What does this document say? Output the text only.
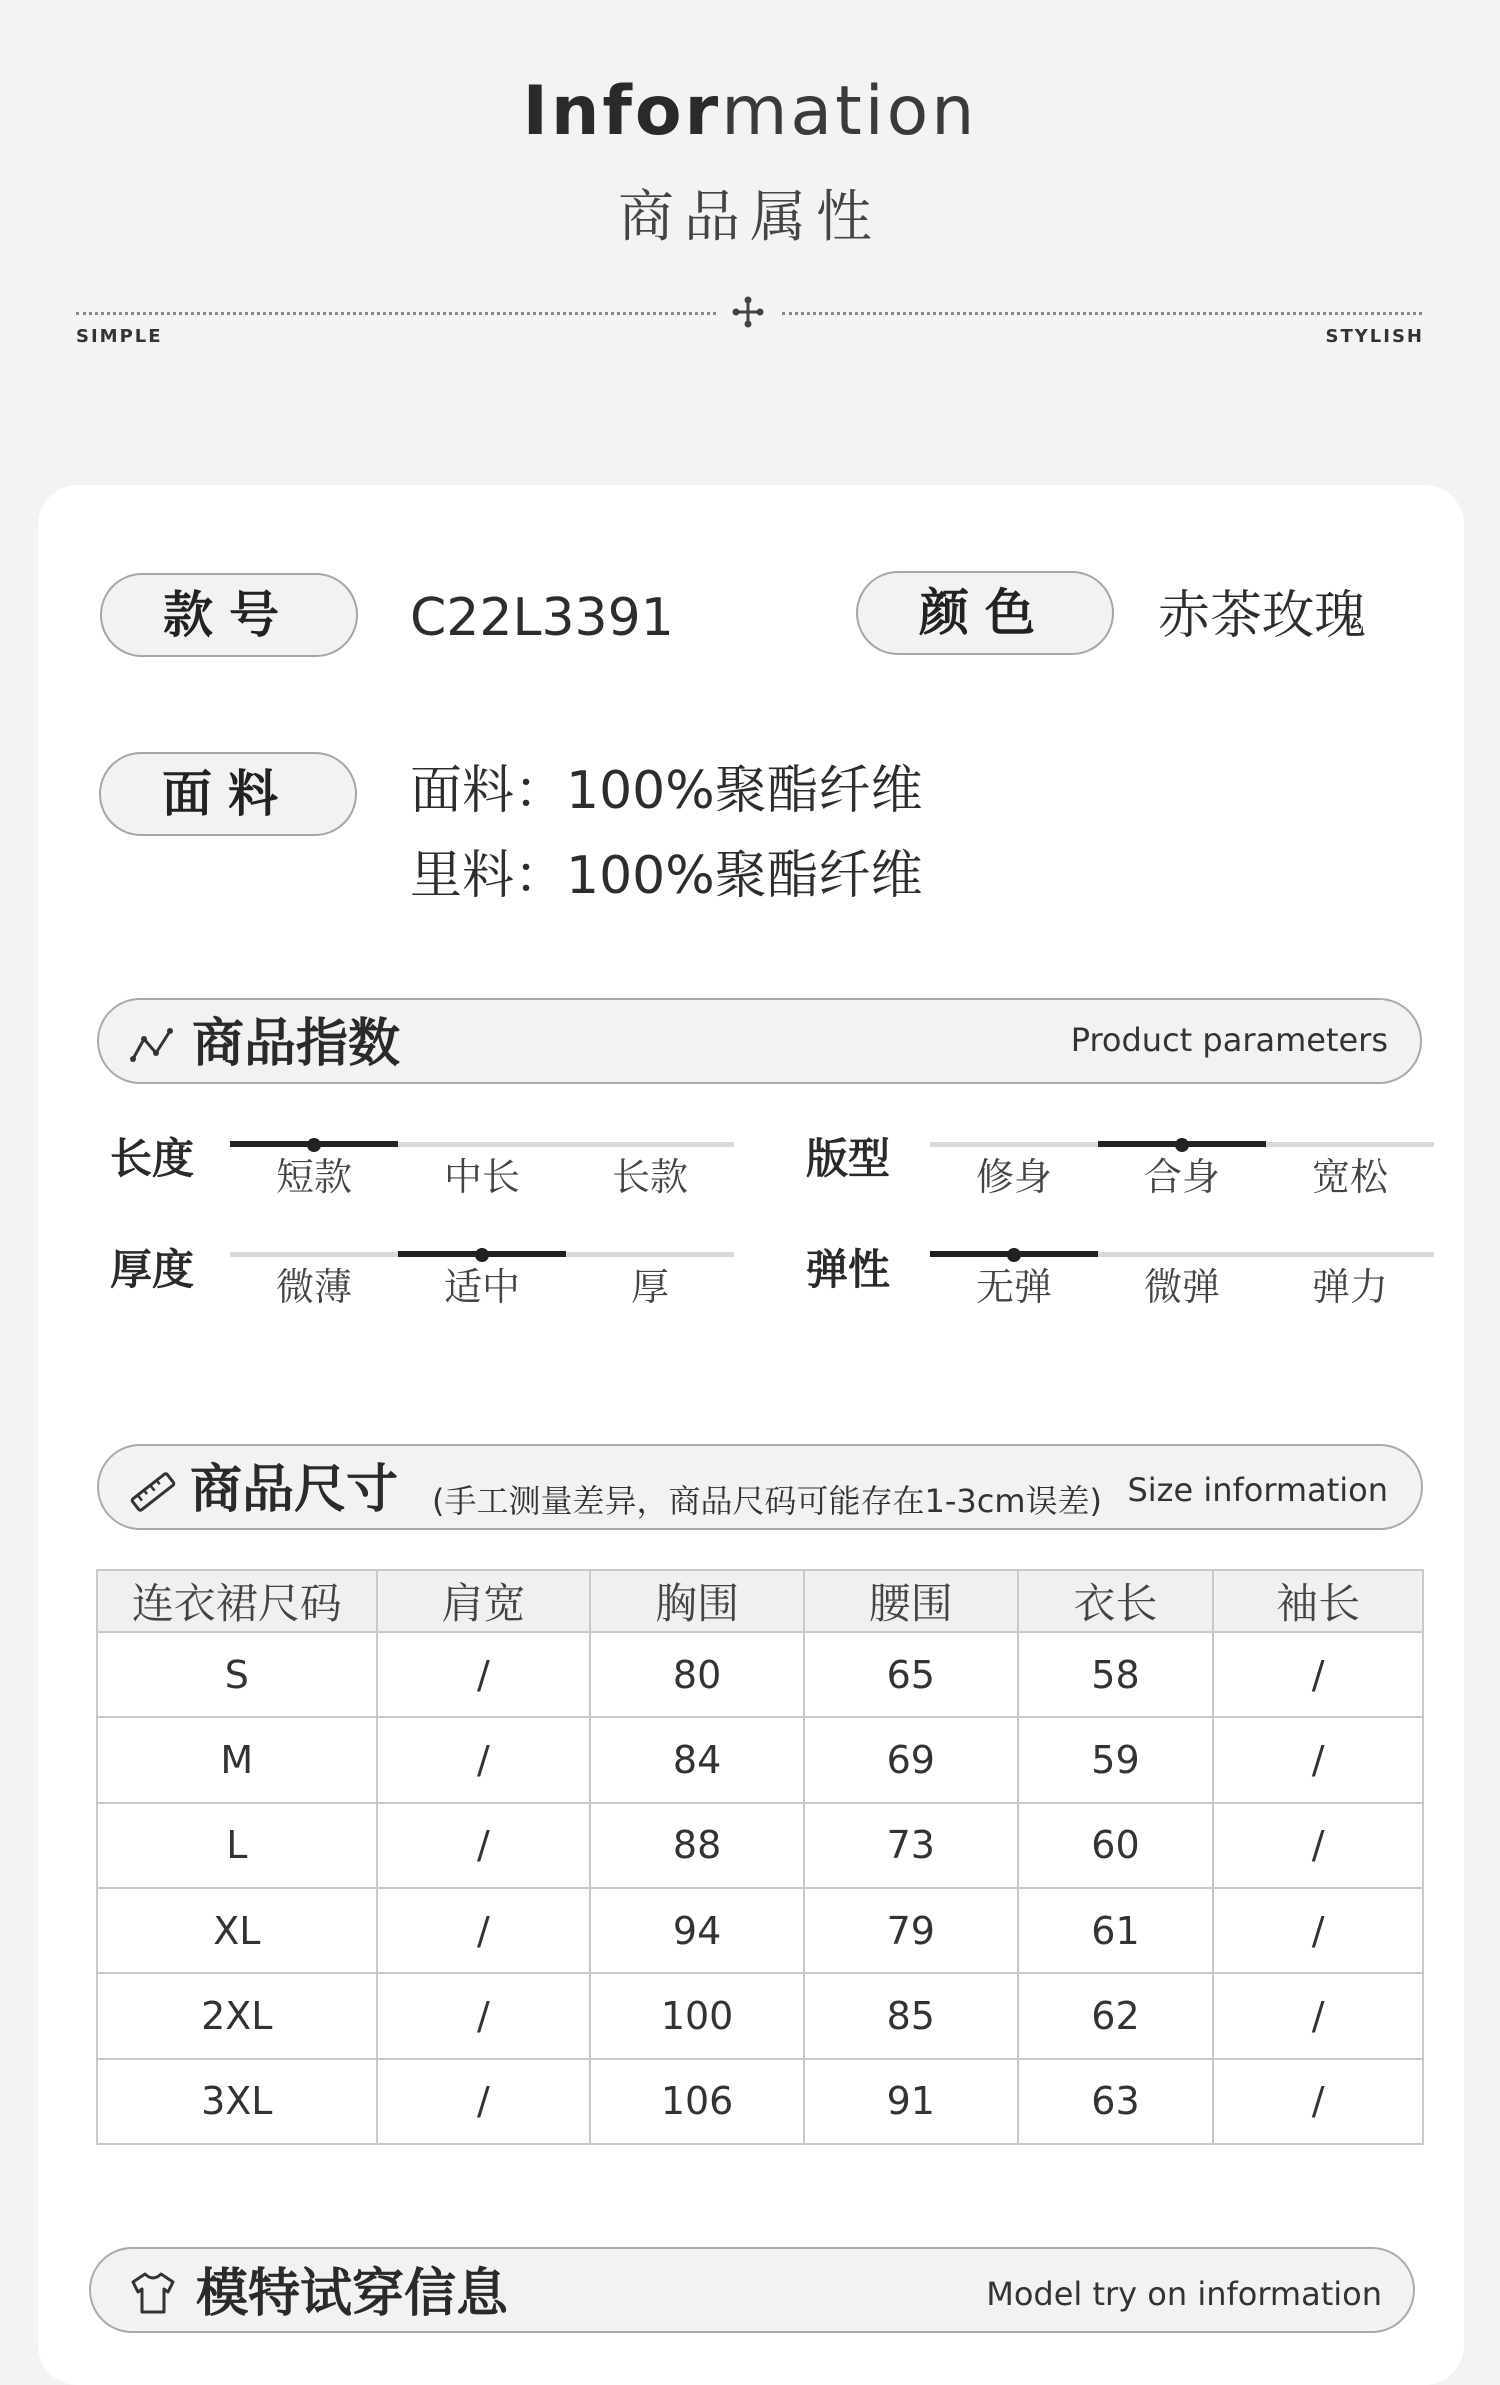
Information
商品属性
SIMPLE	STYLISH
款号	C22L3391	颜色	赤茶玫瑰
面料	面料：100%聚酯纤维
里料：100%聚酯纤维
商品指数	Product parameters
长度	版型
厚度	弹性
短款	中长	长款	修身	合身	宽松
微薄	适中	厚	无弹	微弹	弹力
商品尺寸 (手工测量差异，商品尺码可能存在1-3cm误差) Size information
连衣裙尺码	肩宽	胸围	腰围	衣长	袖长
S	/	80	65	58	/
M	/	84	69	59	/
L	/	88	73	60	/
XL	/	94	79	61	/
2XL	/	100	85	62	/
3XL	/	106	91	63	/
模特试穿信息	Model try on information
